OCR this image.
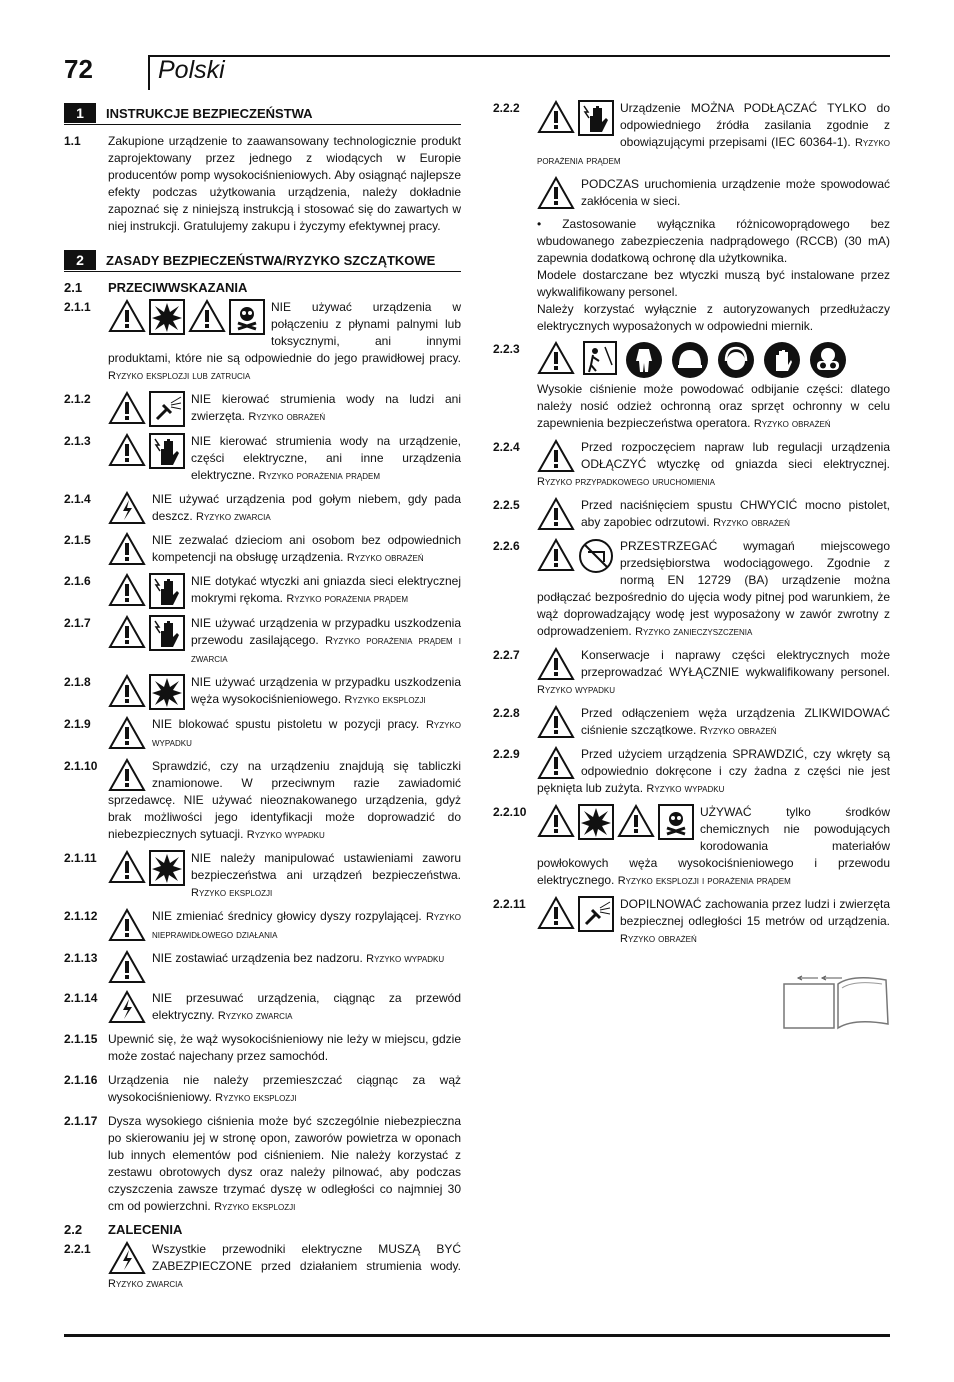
72	Polski
1	INSTRUKCJE BEZPIECZEŃSTWA
1.1	Zakupione urządzenie to zaawansowany technologicznie produkt zaprojektowany przez jednego z wiodących w Europie producentów pomp wysokociśnieniowych. Aby osiągnąć najlepsze efekty podczas użytkowania urządzenia, należy dokładnie zapoznać się z niniejszą instrukcją i stosować się do zawartych w niej instrukcji. Gratulujemy zakupu i życzymy efektywnej pracy.
2	ZASADY BEZPIECZEŃSTWA/RYZYKO SZCZĄTKOWE
2.1	PRZECIWWSKAZANIA
2.1.1	NIE używać urządzenia w połączeniu z płynami palnymi lub toksycznymi, ani innymi produktami, które nie są odpowiednie do jego prawidłowej pracy. Ryzyko eksplozji lub zatrucia
2.1.2	NIE kierować strumienia wody na ludzi ani zwierzęta. Ryzyko obrażeń
2.1.3	NIE kierować strumienia wody na urządzenie, części elektryczne, ani inne urządzenia elektryczne. Ryzyko porażenia prądem
2.1.4	NIE używać urządzenia pod gołym niebem, gdy pada deszcz. Ryzyko zwarcia
2.1.5	NIE zezwalać dzieciom ani osobom bez odpowiednich kompetencji na obsługę urządzenia. Ryzyko obrażeń
2.1.6	NIE dotykać wtyczki ani gniazda sieci elektrycznej mokrymi rękoma. Ryzyko porażenia prądem
2.1.7	NIE używać urządzenia w przypadku uszkodzenia przewodu zasilającego. Ryzyko porażenia prądem i zwarcia
2.1.8	NIE używać urządzenia w przypadku uszkodzenia węża wysokociśnieniowego. Ryzyko eksplozji
2.1.9	NIE blokować spustu pistoletu w pozycji pracy. Ryzyko wypadku
2.1.10	Sprawdzić, czy na urządzeniu znajdują się tabliczki znamionowe. W przeciwnym razie zawiadomić sprzedawcę. NIE używać nieoznakowanego urządzenia, gdyż brak możliwości jego identyfikacji może doprowadzić do niebezpiecznych sytuacji. Ryzyko wypadku
2.1.11	NIE należy manipulować ustawieniami zaworu bezpieczeństwa ani urządzeń bezpieczeństwa. Ryzyko eksplozji
2.1.12	NIE zmieniać średnicy głowicy dyszy rozpylającej. Ryzyko nieprawidłowego działania
2.1.13	NIE zostawiać urządzenia bez nadzoru. Ryzyko wypadku
2.1.14	NIE przesuwać urządzenia, ciągnąc za przewód elektryczny. Ryzyko zwarcia
2.1.15 Upewnić się, że wąż wysokociśnieniowy nie leży w miejscu, gdzie może zostać najechany przez samochód.
2.1.16 Urządzenia nie należy przemieszczać ciągnąc za wąż wysokociśnieniowy. Ryzyko eksplozji
2.1.17 Dysza wysokiego ciśnienia może być szczególnie niebezpieczna po skierowaniu jej w stronę opon, zaworów powietrza w oponach lub innych elementów pod ciśnieniem. Nie należy korzystać z zestawu obrotowych dysz oraz należy pilnować, aby podczas czyszczenia zawsze trzymać dyszę w odległości co najmniej 30 cm od powierzchni. Ryzyko eksplozji
2.2	ZALECENIA
2.2.1	Wszystkie przewodniki elektryczne MUSZĄ BYĆ ZABEZPIECZONE przed działaniem strumienia wody. Ryzyko zwarcia
2.2.2	Urządzenie MOŻNA PODŁĄCZAĆ TYLKO do odpowiedniego źródła zasilania zgodnie z obowiązującymi przepisami (IEC 60364-1). Ryzyko porażenia prądem
PODCZAS uruchomienia urządzenie może spowodować zakłócenia w sieci.
• Zastosowanie wyłącznika różnicowoprądowego bez wbudowanego zabezpieczenia nadprądowego (RCCB) (30 mA) zapewnia dodatkową ochronę dla użytkownika.
Modele dostarczane bez wtyczki muszą być instalowane przez wykwalifikowany personel.
Należy korzystać wyłącznie z autoryzowanych przedłużaczy elektrycznych wyposażonych w odpowiedni miernik.
2.2.3
Wysokie ciśnienie może powodować odbijanie części: dlatego należy nosić odzież ochronną oraz sprzęt ochronny w celu zapewnienia bezpieczeństwa operatora. Ryzyko obrażeń
2.2.4	Przed rozpoczęciem napraw lub regulacji urządzenia ODŁĄCZYĆ wtyczkę od gniazda sieci elektrycznej. Ryzyko przypadkowego uruchomienia
2.2.5	Przed naciśnięciem spustu CHWYCIĆ mocno pistolet, aby zapobiec odrzutowi. Ryzyko obrażeń
2.2.6	PRZESTRZEGAĆ wymagań miejscowego przedsiębiorstwa wodociągowego. Zgodnie z normą EN 12729 (BA) urządzenie można podłączać bezpośrednio do ujęcia wody pitnej pod warunkiem, że wąż doprowadzający wodę jest wyposażony w zawór zwrotny z odprowadzeniem. Ryzyko zanieczyszczenia
2.2.7	Konserwacje i naprawy części elektrycznych może przeprowadzać WYŁĄCZNIE wykwalifikowany personel. Ryzyko wypadku
2.2.8	Przed odłączeniem węża urządzenia ZLIKWIDOWAĆ ciśnienie szczątkowe. Ryzyko obrażeń
2.2.9	Przed użyciem urządzenia SPRAWDZIĆ, czy wkręty są odpowiednio dokręcone i czy żadna z części nie jest pęknięta lub zużyta. Ryzyko wypadku
2.2.10	UŻYWAĆ tylko środków chemicznych nie powodujących korodowania materiałów powłokowych węża wysokociśnieniowego i przewodu elektrycznego. Ryzyko eksplozji i porażenia prądem
2.2.11	DOPILNOWAĆ zachowania przez ludzi i zwierzęta bezpiecznej odległości 15 metrów od urządzenia. Ryzyko obrażeń
